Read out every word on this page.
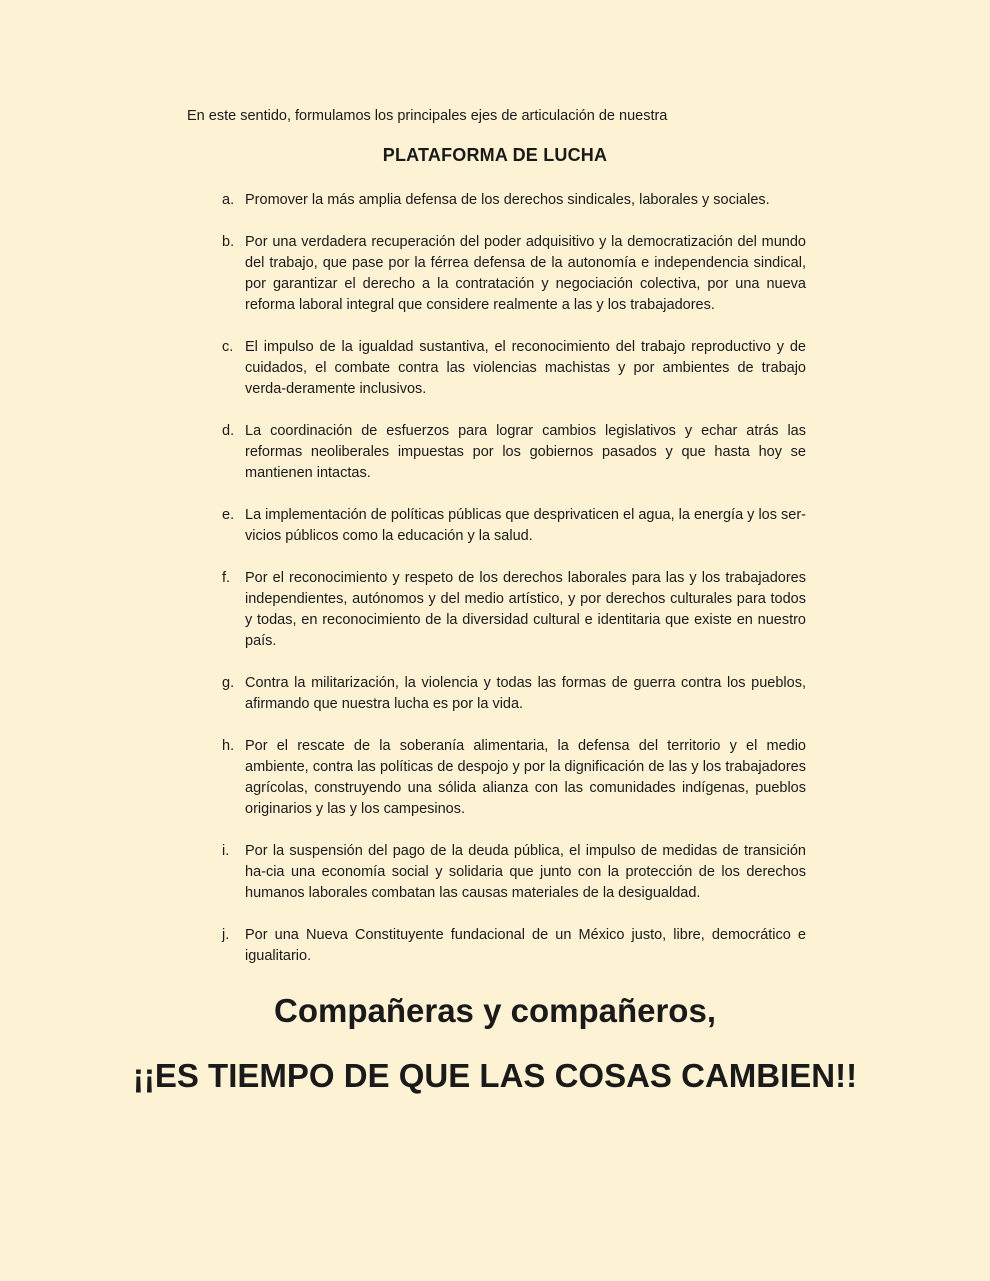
En este sentido, formulamos los principales ejes de articulación de nuestra
PLATAFORMA DE LUCHA
a. Promover la más amplia defensa de los derechos sindicales, laborales y sociales.
b. Por una verdadera recuperación del poder adquisitivo y la democratización del mundo del trabajo, que pase por la férrea defensa de la autonomía e independencia sindical, por garantizar el derecho a la contratación y negociación colectiva, por una nueva reforma laboral integral que considere realmente a las y los trabajadores.
c. El impulso de la igualdad sustantiva, el reconocimiento del trabajo reproductivo y de cuidados, el combate contra las violencias machistas y por ambientes de trabajo verda-deramente inclusivos.
d. La coordinación de esfuerzos para lograr cambios legislativos y echar atrás las reformas neoliberales impuestas por los gobiernos pasados y que hasta hoy se mantienen intactas.
e. La implementación de políticas públicas que desprivaticen el agua, la energía y los ser-vicios públicos como la educación y la salud.
f.	Por el reconocimiento y respeto de los derechos laborales para las y los trabajadores independientes, autónomos y del medio artístico, y por derechos culturales para todos y todas, en reconocimiento de la diversidad cultural e identitaria que existe en nuestro país.
g. Contra la militarización, la violencia y todas las formas de guerra contra los pueblos, afirmando que nuestra lucha es por la vida.
h. Por el rescate de la soberanía alimentaria, la defensa del territorio y el medio ambiente, contra las políticas de despojo y por la dignificación de las y los trabajadores agrícolas, construyendo una sólida alianza con las comunidades indígenas, pueblos originarios y las y los campesinos.
i.	Por la suspensión del pago de la deuda pública, el impulso de medidas de transición ha-cia una economía social y solidaria que junto con la protección de los derechos humanos laborales combatan las causas materiales de la desigualdad.
j.	Por una Nueva Constituyente fundacional de un México justo, libre, democrático e igualitario.
Compañeras y compañeros,
¡¡ES TIEMPO DE QUE LAS COSAS CAMBIEN!!
